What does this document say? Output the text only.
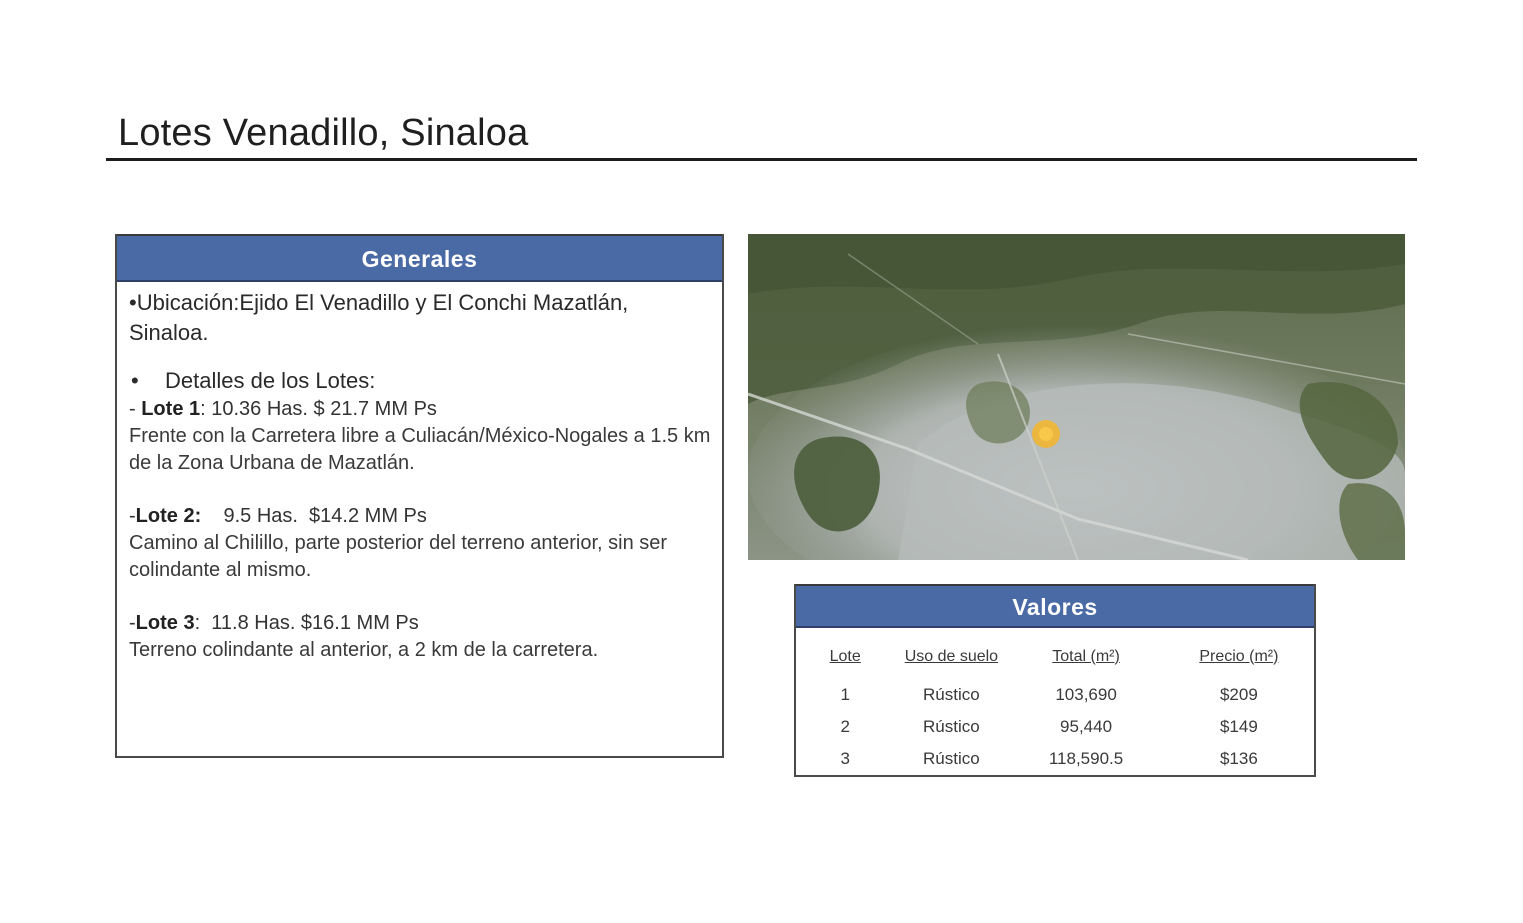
Lotes Venadillo, Sinaloa
Generales
•Ubicación:Ejido El Venadillo y El Conchi Mazatlán, Sinaloa.
• Detalles de los Lotes:
- Lote 1: 10.36 Has. $ 21.7 MM Ps
Frente con la Carretera libre a Culiacán/México-Nogales a 1.5 km de la Zona Urbana de Mazatlán.
-Lote 2:    9.5 Has.  $14.2 MM Ps
Camino al Chilillo, parte posterior del terreno anterior, sin ser colindante al mismo.
-Lote 3:  11.8 Has. $16.1 MM Ps
Terreno colindante al anterior, a 2 km de la carretera.
Valores
Lote	Uso de suelo	Total (m²)	Precio (m²)
1	Rústico	103,690	$209
2	Rústico	95,440	$149
3	Rústico	118,590.5	$136
